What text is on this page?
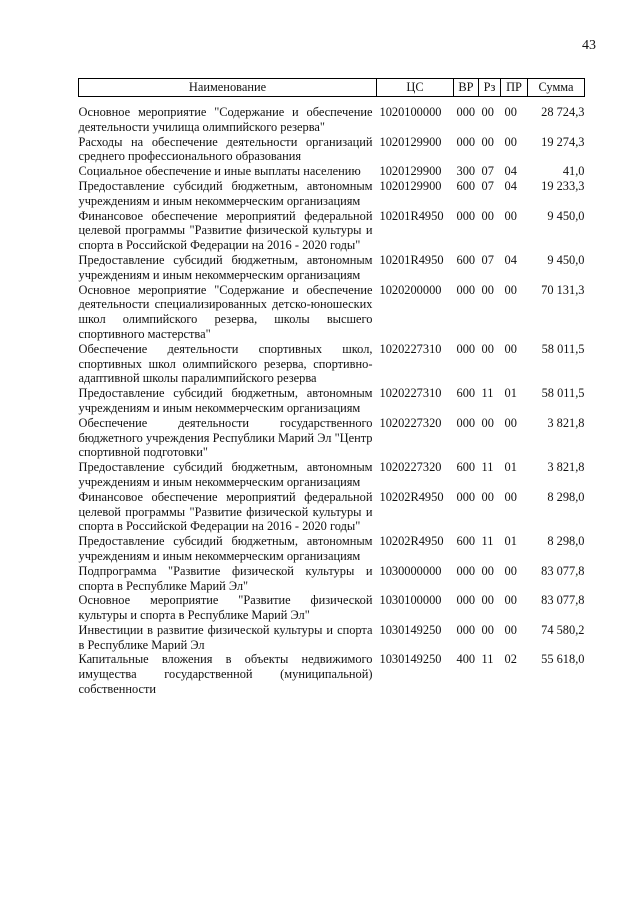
43
Наименование	ЦС	ВР	Рз	ПР	Сумма
Основное мероприятие "Содержание и обеспечение деятельности училища олимпийского резерва"	1020100000	000	00	00	28 724,3
Расходы на обеспечение деятельности организаций среднего профессионального образования	1020129900	000	00	00	19 274,3
Социальное обеспечение и иные выплаты населению	1020129900	300	07	04	41,0
Предоставление субсидий бюджетным, автономным учреждениям и иным некоммерческим организациям	1020129900	600	07	04	19 233,3
Финансовое обеспечение мероприятий федеральной целевой программы "Развитие физической культуры и спорта в Российской Федерации на 2016 - 2020 годы"	10201R4950	000	00	00	9 450,0
Предоставление субсидий бюджетным, автономным учреждениям и иным некоммерческим организациям	10201R4950	600	07	04	9 450,0
Основное мероприятие "Содержание и обеспечение деятельности специализированных детско-юношеских школ олимпийского резерва, школы высшего спортивного мастерства"	1020200000	000	00	00	70 131,3
Обеспечение деятельности спортивных школ, спортивных школ олимпийского резерва, спортивно-адаптивной школы паралимпийского резерва	1020227310	000	00	00	58 011,5
Предоставление субсидий бюджетным, автономным учреждениям и иным некоммерческим организациям	1020227310	600	11	01	58 011,5
Обеспечение деятельности государственного бюджетного учреждения Республики Марий Эл "Центр спортивной подготовки"	1020227320	000	00	00	3 821,8
Предоставление субсидий бюджетным, автономным учреждениям и иным некоммерческим организациям	1020227320	600	11	01	3 821,8
Финансовое обеспечение мероприятий федеральной целевой программы "Развитие физической культуры и спорта в Российской Федерации на 2016 - 2020 годы"	10202R4950	000	00	00	8 298,0
Предоставление субсидий бюджетным, автономным учреждениям и иным некоммерческим организациям	10202R4950	600	11	01	8 298,0
Подпрограмма "Развитие физической культуры и спорта в Республике Марий Эл"	1030000000	000	00	00	83 077,8
Основное мероприятие "Развитие физической культуры и спорта в Республике Марий Эл"	1030100000	000	00	00	83 077,8
Инвестиции в развитие физической культуры и спорта в Республике Марий Эл	1030149250	000	00	00	74 580,2
Капитальные вложения в объекты недвижимого имущества государственной (муниципальной) собственности	1030149250	400	11	02	55 618,0
